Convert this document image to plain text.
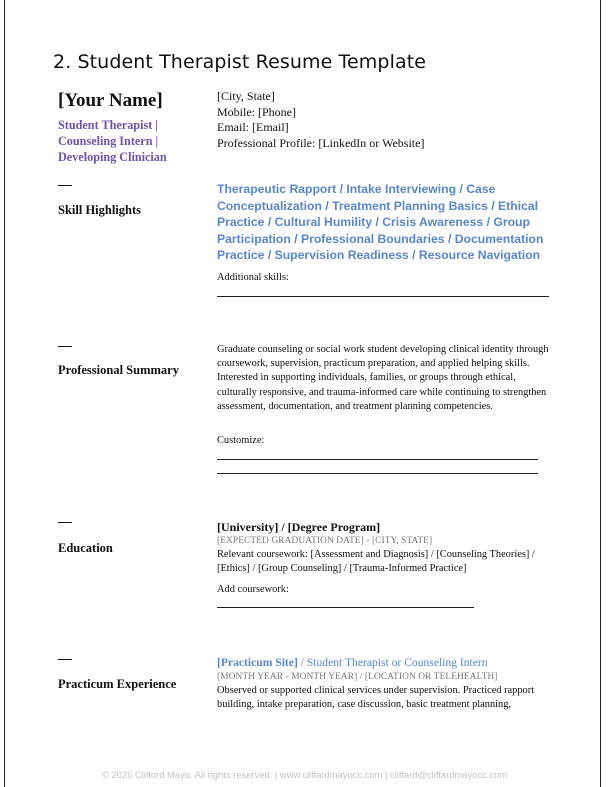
2. Student Therapist Resume Template
[Your Name]
Student Therapist |
Counseling Intern |
Developing Clinician
[City, State]
Mobile: [Phone]
Email: [Email]
Professional Profile: [LinkedIn or Website]
Skill Highlights
Therapeutic Rapport / Intake Interviewing / Case Conceptualization / Treatment Planning Basics / Ethical Practice / Cultural Humility / Crisis Awareness / Group Participation / Professional Boundaries / Documentation Practice / Supervision Readiness / Resource Navigation
Additional skills:
Professional Summary
Graduate counseling or social work student developing clinical identity through coursework, supervision, practicum preparation, and applied helping skills. Interested in supporting individuals, families, or groups through ethical, culturally responsive, and trauma-informed care while continuing to strengthen assessment, documentation, and treatment planning competencies.
Customize:
Education
[University] / [Degree Program]
[EXPECTED GRADUATION DATE] - [CITY, STATE]
Relevant coursework: [Assessment and Diagnosis] / [Counseling Theories] / [Ethics] / [Group Counseling] / [Trauma-Informed Practice]
Add coursework:
Practicum Experience
[Practicum Site] / Student Therapist or Counseling Intern
[MONTH YEAR - MONTH YEAR] / [LOCATION OR TELEHEALTH]
Observed or supported clinical services under supervision. Practiced rapport building, intake preparation, case discussion, basic treatment planning,
© 2026 Clifford Mayo. All rights reserved. | www.cliffardmayocc.com | cliffard@cliffardmayocc.com
